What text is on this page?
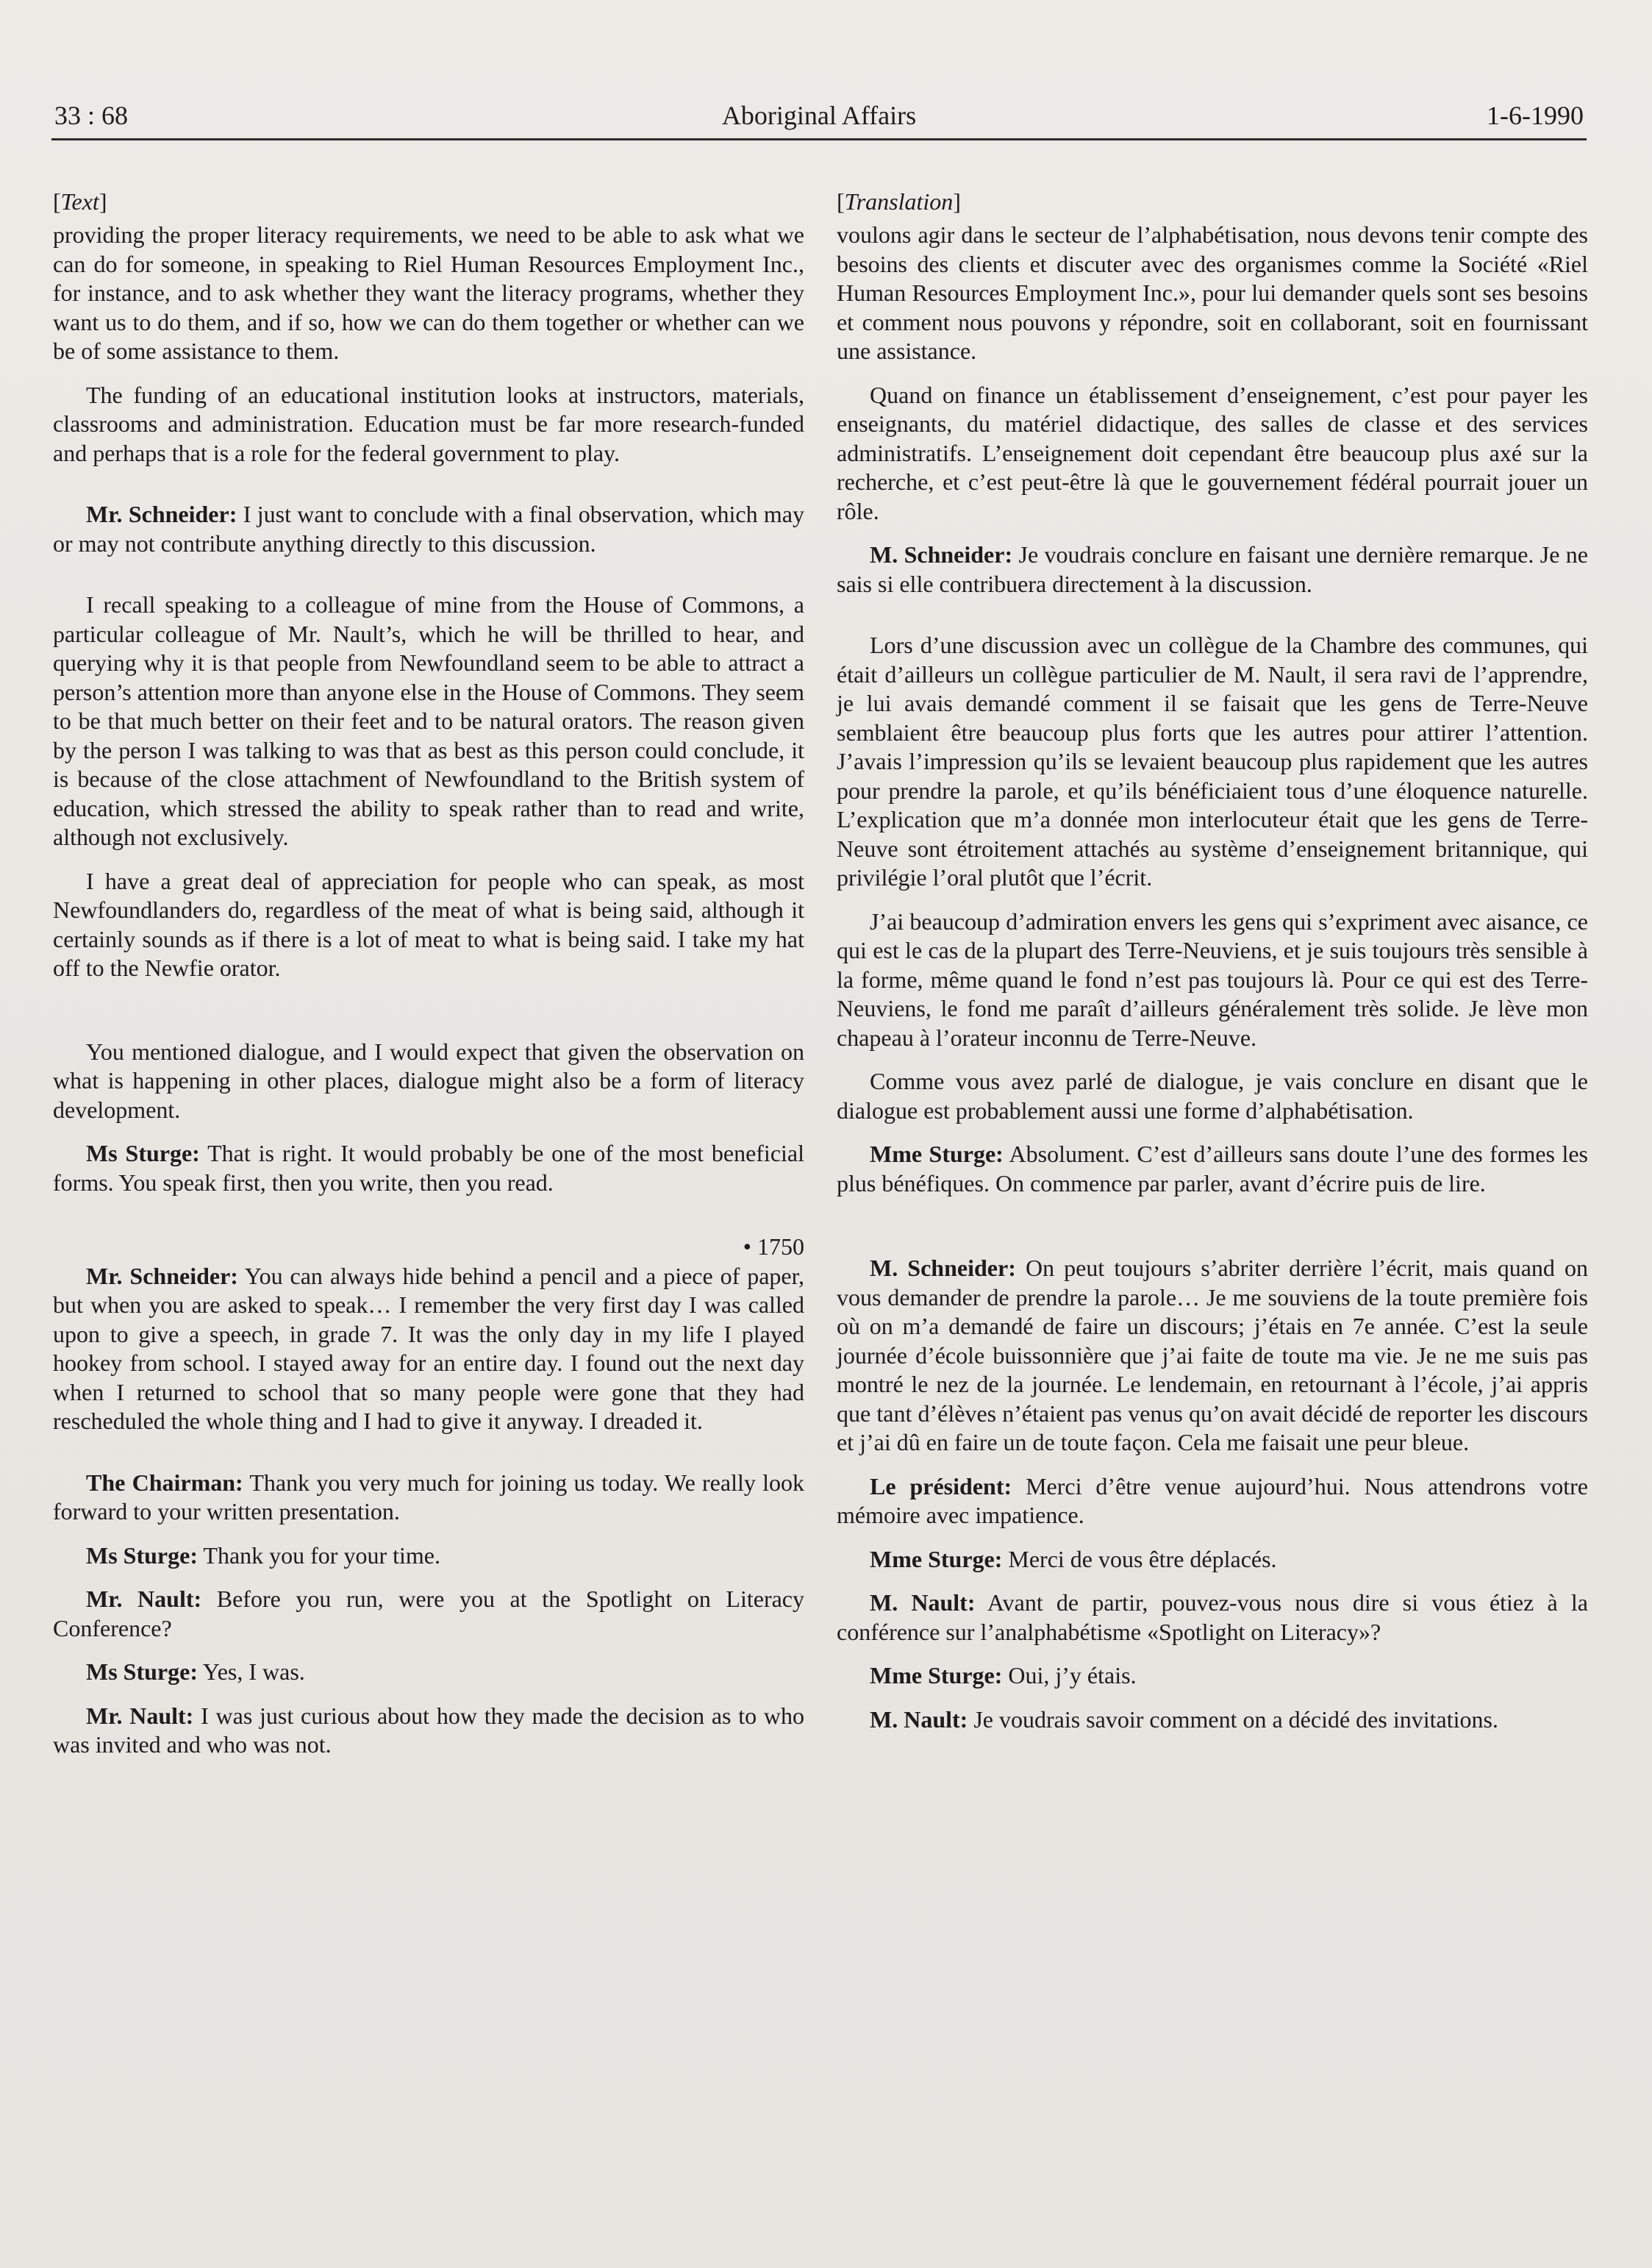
33 : 68	Aboriginal Affairs	1-6-1990

[ Text ]

providing the proper literacy requirements, we need to be able to ask what we can do for someone, in speaking to Riel Human Resources Employment Inc., for instance, and to ask whether they want the literacy programs, whether they want us to do them, and if so, how we can do them together or whether can we be of some assistance to them.

The funding of an educational institution looks at instructors, materials, classrooms and administration. Education must be far more research-funded and perhaps that is a role for the federal government to play.

Mr. Schneider: I just want to conclude with a final observation, which may or may not contribute anything directly to this discussion.

I recall speaking to a colleague of mine from the House of Commons, a particular colleague of Mr. Nault’s, which he will be thrilled to hear, and querying why it is that people from Newfoundland seem to be able to attract a person’s attention more than anyone else in the House of Commons. They seem to be that much better on their feet and to be natural orators. The reason given by the person I was talking to was that as best as this person could conclude, it is because of the close attachment of Newfoundland to the British system of education, which stressed the ability to speak rather than to read and write, although not exclusively.

I have a great deal of appreciation for people who can speak, as most Newfoundlanders do, regardless of the meat of what is being said, although it certainly sounds as if there is a lot of meat to what is being said. I take my hat off to the Newfie orator.

You mentioned dialogue, and I would expect that given the observation on what is happening in other places, dialogue might also be a form of literacy development.

Ms Sturge: That is right. It would probably be one of the most beneficial forms. You speak first, then you write, then you read.

• 1750

Mr. Schneider: You can always hide behind a pencil and a piece of paper, but when you are asked to speak… I remember the very first day I was called upon to give a speech, in grade 7. It was the only day in my life I played hookey from school. I stayed away for an entire day. I found out the next day when I returned to school that so many people were gone that they had rescheduled the whole thing and I had to give it anyway. I dreaded it.

The Chairman: Thank you very much for joining us today. We really look forward to your written presentation.

Ms Sturge: Thank you for your time.

Mr. Nault: Before you run, were you at the Spotlight on Literacy Conference?

Ms Sturge: Yes, I was.

Mr. Nault: I was just curious about how they made the decision as to who was invited and who was not.

[ Translation ]

voulons agir dans le secteur de l’alphabétisation, nous devons tenir compte des besoins des clients et discuter avec des organismes comme la Société «Riel Human Resources Employment Inc.», pour lui demander quels sont ses besoins et comment nous pouvons y répondre, soit en collaborant, soit en fournissant une assistance.

Quand on finance un établissement d’enseignement, c’est pour payer les enseignants, du matériel didactique, des salles de classe et des services administratifs. L’enseignement doit cependant être beaucoup plus axé sur la recherche, et c’est peut-être là que le gouvernement fédéral pourrait jouer un rôle.

M. Schneider: Je voudrais conclure en faisant une dernière remarque. Je ne sais si elle contribuera directement à la discussion.

Lors d’une discussion avec un collègue de la Chambre des communes, qui était d’ailleurs un collègue particulier de M. Nault, il sera ravi de l’apprendre, je lui avais demandé comment il se faisait que les gens de Terre-Neuve semblaient être beaucoup plus forts que les autres pour attirer l’attention. J’avais l’impression qu’ils se levaient beaucoup plus rapidement que les autres pour prendre la parole, et qu’ils bénéficiaient tous d’une éloquence naturelle. L’explication que m’a donnée mon interlocuteur était que les gens de Terre-Neuve sont étroitement attachés au système d’enseignement britannique, qui privilégie l’oral plutôt que l’écrit.

J’ai beaucoup d’admiration envers les gens qui s’expriment avec aisance, ce qui est le cas de la plupart des Terre-Neuviens, et je suis toujours très sensible à la forme, même quand le fond n’est pas toujours là. Pour ce qui est des Terre-Neuviens, le fond me paraît d’ailleurs généralement très solide. Je lève mon chapeau à l’orateur inconnu de Terre-Neuve.

Comme vous avez parlé de dialogue, je vais conclure en disant que le dialogue est probablement aussi une forme d’alphabétisation.

Mme Sturge: Absolument. C’est d’ailleurs sans doute l’une des formes les plus bénéfiques. On commence par parler, avant d’écrire puis de lire.

M. Schneider: On peut toujours s’abriter derrière l’écrit, mais quand on vous demander de prendre la parole… Je me souviens de la toute première fois où on m’a demandé de faire un discours; j’étais en 7e année. C’est la seule journée d’école buissonnière que j’ai faite de toute ma vie. Je ne me suis pas montré le nez de la journée. Le lendemain, en retournant à l’école, j’ai appris que tant d’élèves n’étaient pas venus qu’on avait décidé de reporter les discours et j’ai dû en faire un de toute façon. Cela me faisait une peur bleue.

Le président: Merci d’être venue aujourd’hui. Nous attendrons votre mémoire avec impatience.

Mme Sturge: Merci de vous être déplacés.

M. Nault: Avant de partir, pouvez-vous nous dire si vous étiez à la conférence sur l’analphabétisme «Spotlight on Literacy»?

Mme Sturge: Oui, j’y étais.

M. Nault: Je voudrais savoir comment on a décidé des invitations.
